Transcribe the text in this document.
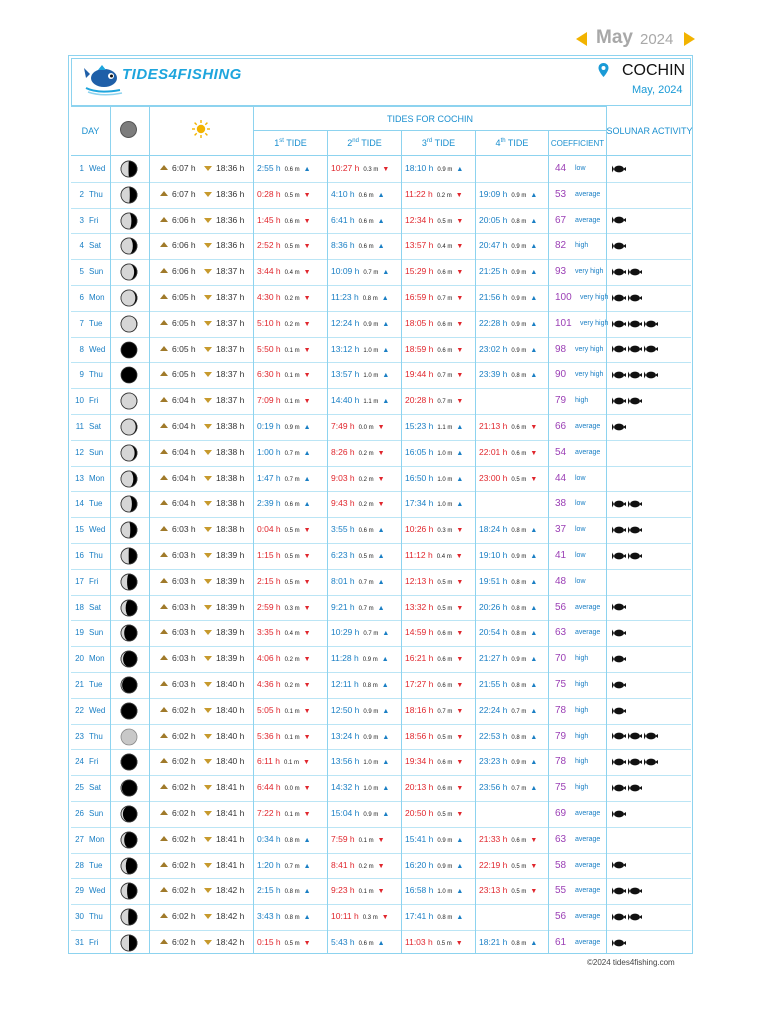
May 2024
TIDES4FISHING	COCHIN
May, 2024
DAY
TIDES FOR COCHIN
1st TIDE	2nd TIDE	3rd TIDE	4th TIDE	COEFFICIENT
SOLUNAR ACTIVITY
1 Wed	6:07 h	18:36 h 2:55 h 0.6 m ▲ 10:27 h 0.3 m ▼ 18:10 h 0.9 m ▲	44 low
2 Thu	6:07 h	18:36 h 0:28 h 0.5 m ▼ 4:10 h 0.6 m ▲ 11:22 h 0.2 m ▼ 19:09 h 0.9 m ▲ 53 average
3 Fri	6:06 h	18:36 h 1:45 h 0.6 m ▼ 6:41 h 0.6 m ▲ 12:34 h 0.5 m ▼ 20:05 h 0.8 m ▲ 67 average
4 Sat	6:06 h	18:36 h 2:52 h 0.5 m ▼ 8:36 h 0.6 m ▲ 13:57 h 0.4 m ▼ 20:47 h 0.9 m ▲ 82 high
5 Sun	6:06 h	18:37 h 3:44 h 0.4 m ▼ 10:09 h 0.7 m ▲ 15:29 h 0.6 m ▼ 21:25 h 0.9 m ▲ 93 very high
6 Mon	6:05 h	18:37 h 4:30 h 0.2 m ▼ 11:23 h 0.8 m ▲ 16:59 h 0.7 m ▼ 21:56 h 0.9 m ▲ 100 very high
7 Tue	6:05 h	18:37 h 5:10 h 0.2 m ▼ 12:24 h 0.9 m ▲ 18:05 h 0.6 m ▼ 22:28 h 0.9 m ▲ 101 very high
8 Wed	6:05 h	18:37 h 5:50 h 0.1 m ▼ 13:12 h 1.0 m ▲ 18:59 h 0.6 m ▼ 23:02 h 0.9 m ▲ 98 very high
9 Thu	6:05 h	18:37 h 6:30 h 0.1 m ▼ 13:57 h 1.0 m ▲ 19:44 h 0.7 m ▼ 23:39 h 0.8 m ▲ 90 very high
10 Fri	6:04 h	18:37 h 7:09 h 0.1 m ▼ 14:40 h 1.1 m ▲ 20:28 h 0.7 m ▼	79 high
11 Sat	6:04 h	18:38 h 0:19 h 0.9 m ▲ 7:49 h 0.0 m ▼ 15:23 h 1.1 m ▲ 21:13 h 0.6 m ▼ 66 average
12 Sun	6:04 h	18:38 h 1:00 h 0.7 m ▲ 8:26 h 0.2 m ▼ 16:05 h 1.0 m ▲ 22:01 h 0.6 m ▼ 54 average
13 Mon	6:04 h	18:38 h 1:47 h 0.7 m ▲ 9:03 h 0.2 m ▼ 16:50 h 1.0 m ▲ 23:00 h 0.5 m ▼ 44 low
14 Tue	6:04 h	18:38 h 2:39 h 0.6 m ▲ 9:43 h 0.2 m ▼ 17:34 h 1.0 m ▲	38 low
15 Wed	6:03 h	18:38 h 0:04 h 0.5 m ▼ 3:55 h 0.6 m ▲ 10:26 h 0.3 m ▼ 18:24 h 0.8 m ▲ 37 low
16 Thu	6:03 h	18:39 h 1:15 h 0.5 m ▼ 6:23 h 0.5 m ▲ 11:12 h 0.4 m ▼ 19:10 h 0.9 m ▲ 41 low
17 Fri	6:03 h	18:39 h 2:15 h 0.5 m ▼ 8:01 h 0.7 m ▲ 12:13 h 0.5 m ▼ 19:51 h 0.8 m ▲ 48 low
18 Sat	6:03 h	18:39 h 2:59 h 0.3 m ▼ 9:21 h 0.7 m ▲ 13:32 h 0.5 m ▼ 20:26 h 0.8 m ▲ 56 average
19 Sun	6:03 h	18:39 h 3:35 h 0.4 m ▼ 10:29 h 0.7 m ▲ 14:59 h 0.6 m ▼ 20:54 h 0.8 m ▲ 63 average
20 Mon	6:03 h	18:39 h 4:06 h 0.2 m ▼ 11:28 h 0.9 m ▲ 16:21 h 0.6 m ▼ 21:27 h 0.9 m ▲ 70 high
21 Tue	6:03 h	18:40 h 4:36 h 0.2 m ▼ 12:11 h 0.8 m ▲ 17:27 h 0.6 m ▼ 21:55 h 0.8 m ▲ 75 high
22 Wed	6:02 h	18:40 h 5:05 h 0.1 m ▼ 12:50 h 0.9 m ▲ 18:16 h 0.7 m ▼ 22:24 h 0.7 m ▲ 78 high
23 Thu	6:02 h	18:40 h 5:36 h 0.1 m ▼ 13:24 h 0.9 m ▲ 18:56 h 0.5 m ▼ 22:53 h 0.8 m ▲ 79 high
24 Fri	6:02 h	18:40 h 6:11 h 0.1 m ▼ 13:56 h 1.0 m ▲ 19:34 h 0.6 m ▼ 23:23 h 0.9 m ▲ 78 high
25 Sat	6:02 h	18:41 h 6:44 h 0.0 m ▼ 14:32 h 1.0 m ▲ 20:13 h 0.6 m ▼ 23:56 h 0.7 m ▲ 75 high
26 Sun	6:02 h	18:41 h 7:22 h 0.1 m ▼ 15:04 h 0.9 m ▲ 20:50 h 0.5 m ▼	69 average
27 Mon	6:02 h	18:41 h 0:34 h 0.8 m ▲ 7:59 h 0.1 m ▼ 15:41 h 0.9 m ▲ 21:33 h 0.6 m ▼ 63 average
28 Tue	6:02 h	18:41 h 1:20 h 0.7 m ▲ 8:41 h 0.2 m ▼ 16:20 h 0.9 m ▲ 22:19 h 0.5 m ▼ 58 average
29 Wed	6:02 h	18:42 h 2:15 h 0.8 m ▲ 9:23 h 0.1 m ▼ 16:58 h 1.0 m ▲ 23:13 h 0.5 m ▼ 55 average
30 Thu	6:02 h	18:42 h 3:43 h 0.8 m ▲ 10:11 h 0.3 m ▼ 17:41 h 0.8 m ▲	56 average
31 Fri	6:02 h	18:42 h 0:15 h 0.5 m ▼ 5:43 h 0.6 m ▲ 11:03 h 0.5 m ▼ 18:21 h 0.8 m ▲ 61 average
©2024 tides4fishing.com
